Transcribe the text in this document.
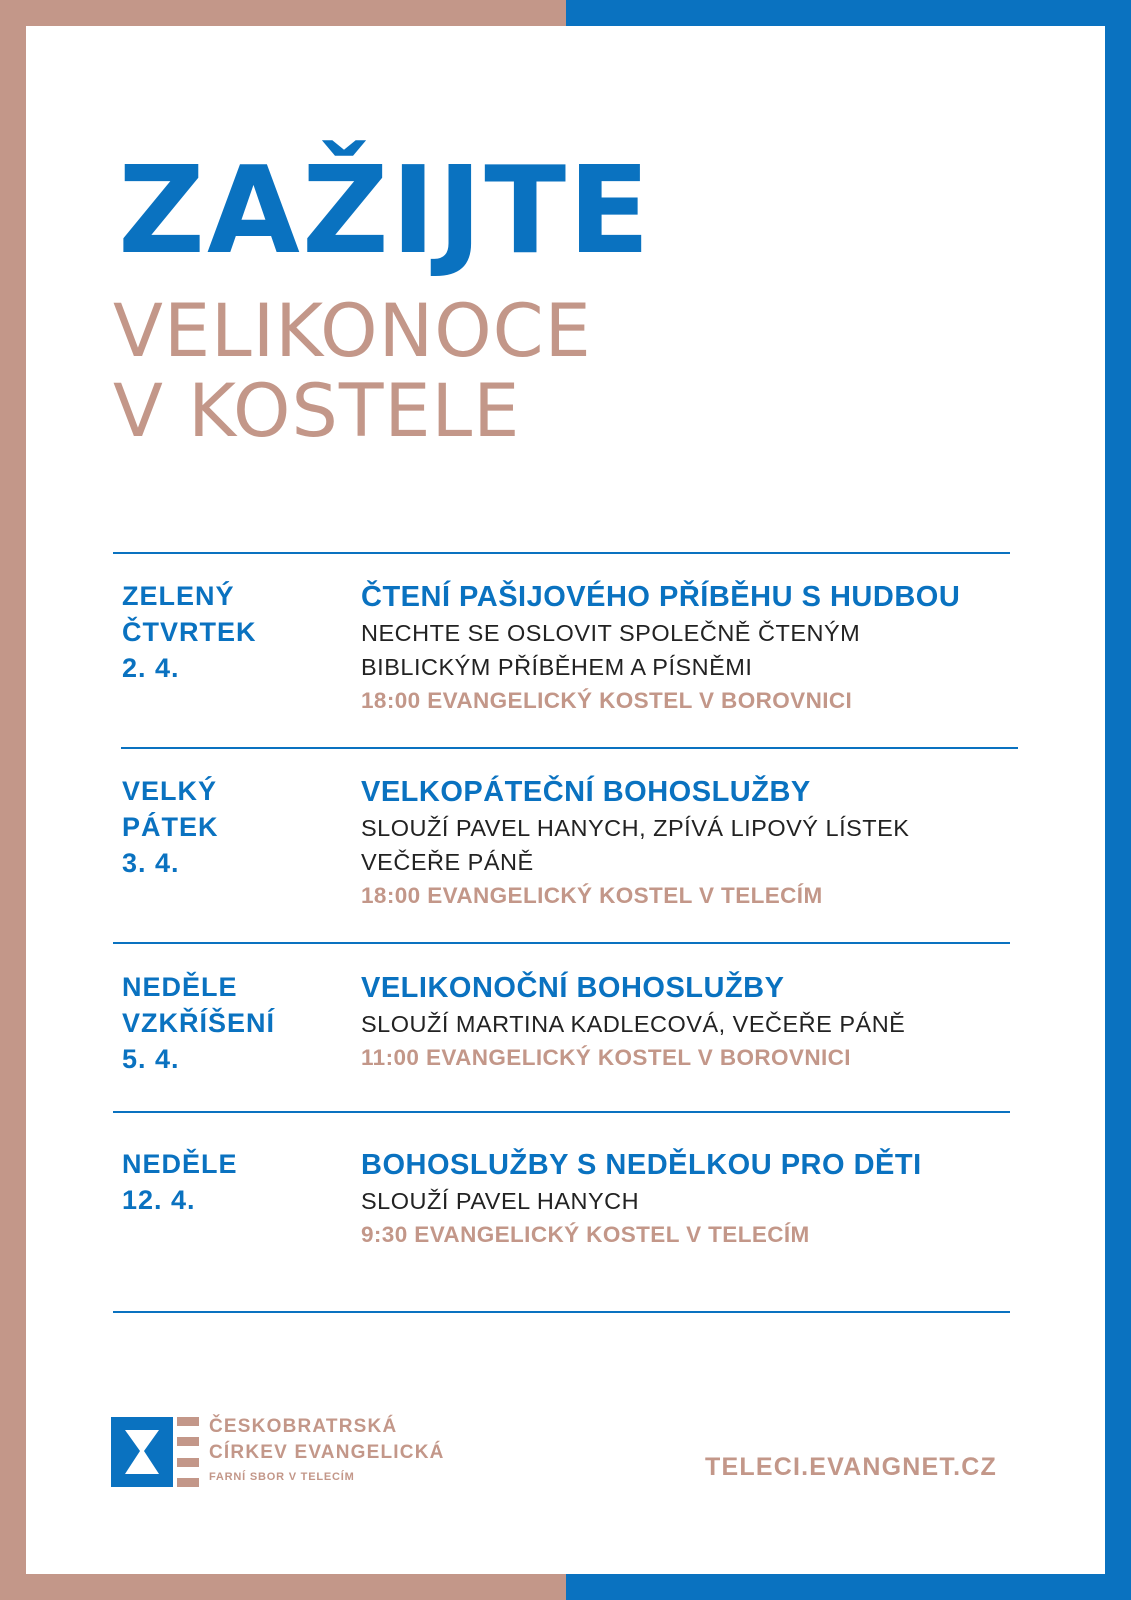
ZAŽIJTE
VELIKONOCE
V KOSTELE
ZELENÝ
ČTVRTEK
2. 4.
ČTENÍ PAŠIJOVÉHO PŘÍBĚHU S HUDBOU
NECHTE SE OSLOVIT SPOLEČNĚ ČTENÝM
BIBLICKÝM PŘÍBĚHEM A PÍSNĚMI
18:00 EVANGELICKÝ KOSTEL V BOROVNICI
VELKÝ
PÁTEK
3. 4.
VELKOPÁTEČNÍ BOHOSLUŽBY
SLOUŽÍ PAVEL HANYCH, ZPÍVÁ LIPOVÝ LÍSTEK
VEČEŘE PÁNĚ
18:00 EVANGELICKÝ KOSTEL V TELECÍM
NEDĚLE
VZKŘÍŠENÍ
5. 4.
VELIKONOČNÍ BOHOSLUŽBY
SLOUŽÍ MARTINA KADLECOVÁ, VEČEŘE PÁNĚ
11:00 EVANGELICKÝ KOSTEL V BOROVNICI
NEDĚLE
12. 4.
BOHOSLUŽBY S NEDĚLKOU PRO DĚTI
SLOUŽÍ PAVEL HANYCH
9:30 EVANGELICKÝ KOSTEL V TELECÍM
ČESKOBRATRSKÁ
CÍRKEV EVANGELICKÁ
FARNÍ SBOR V TELECÍM	TELECI.EVANGNET.CZ
